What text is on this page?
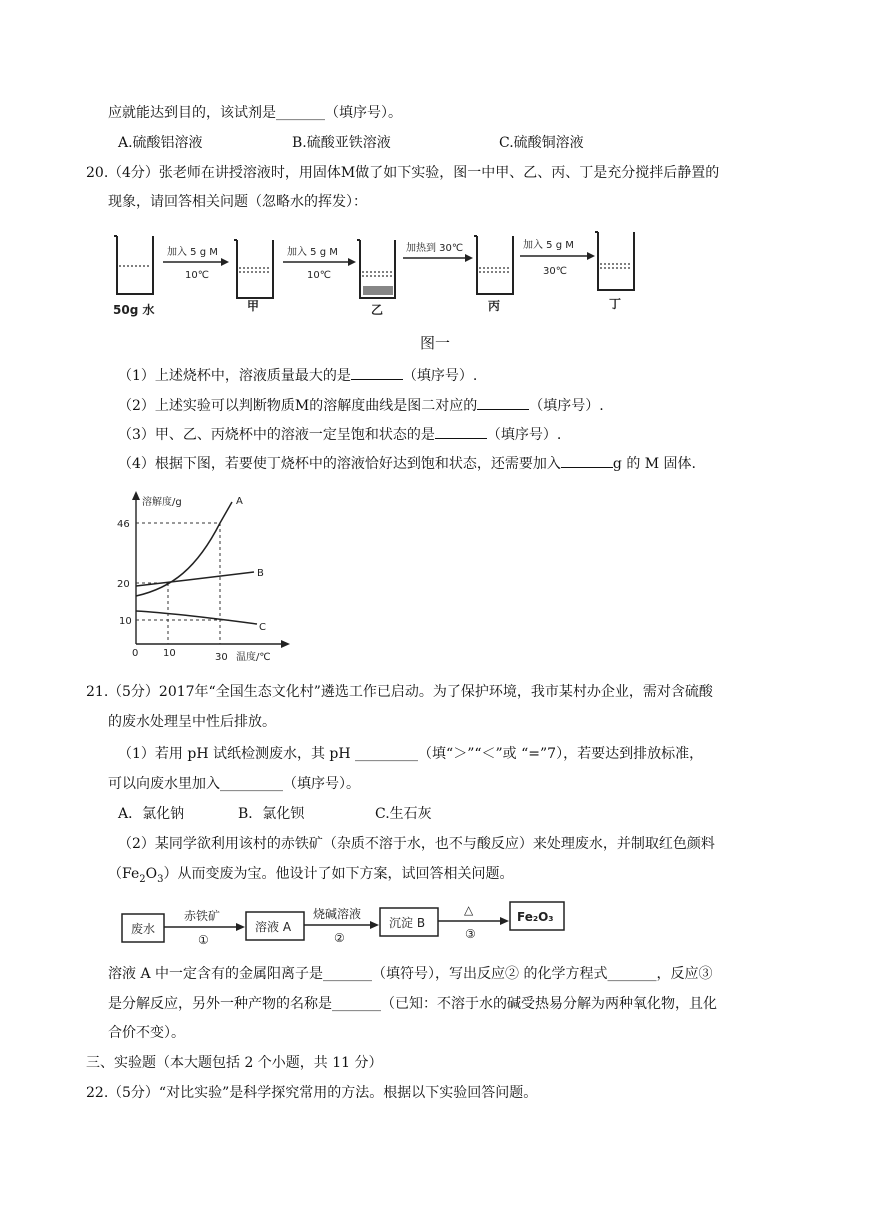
应就能达到目的，该试剂是_______（填序号）。
A.硫酸铝溶液	B.硫酸亚铁溶液	C.硫酸铜溶液
20. （4分）张老师在讲授溶液时，用固体M做了如下实验，图一中甲、乙、丙、丁是充分搅拌后静置的
现象，请回答相关问题（忽略水的挥发）：
加入 5 g M
10℃
加入 5 g M
10℃
加热到 30℃	加入 5 g M
30℃
50g 水	甲	乙	丙	丁
图一
（1）上述烧杯中，溶液质量最大的是	（填序号）.
（2）上述实验可以判断物质M的溶解度曲线是图二对应的	（填序号）.
（3）甲、乙、丙烧杯中的溶液一定呈饱和状态的是	（填序号）.
（4）根据下图，若要使丁烧杯中的溶液恰好达到饱和状态，还需要加入	g 的 M 固体.
溶解度/g
温度/℃
46
20
10
0 10	30
A
B
C
21. （5分）2017年“全国生态文化村”遴选工作已启动。为了保护环境，我市某村办企业，需对含硫酸
的废水处理呈中性后排放。
（1）若用 pH 试纸检测废水，其 pH _________（填“＞”“＜”或 “=”7），若要达到排放标准，
可以向废水里加入_________（填序号）。
A．氯化钠	B．氯化钡	C.生石灰
（2）某同学欲利用该村的赤铁矿（杂质不溶于水，也不与酸反应）来处理废水，并制取红色颜料
$(Fe_2O_3)$从而变废为宝。他设计了如下方案，试回答相关问题。
废水	溶液 A	沉淀 B	Fe₂O₃
赤铁矿
①
烧碱溶液
②
△
③
溶液 A 中一定含有的金属阳离子是_______（填符号），写出反应② 的化学方程式_______，反应③
是分解反应，另外一种产物的名称是_______（已知：不溶于水的碱受热易分解为两种氧化物，且化
合价不变）。
三、实验题（本大题包括 2 个小题，共 11 分）
22. （5分）“对比实验”是科学探究常用的方法。根据以下实验回答问题。
